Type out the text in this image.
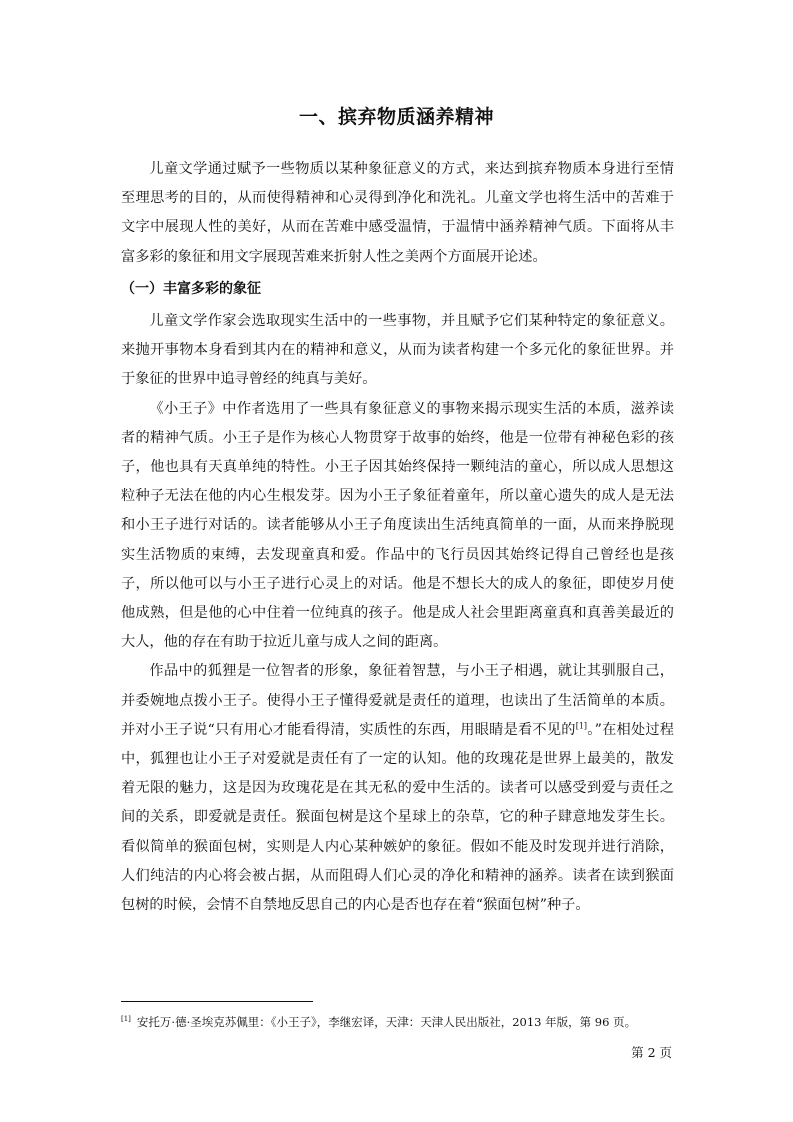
一、摈弃物质涵养精神

儿童文学通过赋予一些物质以某种象征意义的方式，来达到摈弃物质本身进行至情至理思考的目的，从而使得精神和心灵得到净化和洗礼。儿童文学也将生活中的苦难于文字中展现人性的美好，从而在苦难中感受温情，于温情中涵养精神气质。下面将从丰富多彩的象征和用文字展现苦难来折射人性之美两个方面展开论述。

（一）丰富多彩的象征

儿童文学作家会选取现实生活中的一些事物，并且赋予它们某种特定的象征意义。来抛开事物本身看到其内在的精神和意义，从而为读者构建一个多元化的象征世界。并于象征的世界中追寻曾经的纯真与美好。

《小王子》中作者选用了一些具有象征意义的事物来揭示现实生活的本质，滋养读者的精神气质。小王子是作为核心人物贯穿于故事的始终，他是一位带有神秘色彩的孩子，他也具有天真单纯的特性。小王子因其始终保持一颗纯洁的童心，所以成人思想这粒种子无法在他的内心生根发芽。因为小王子象征着童年，所以童心遗失的成人是无法和小王子进行对话的。读者能够从小王子角度读出生活纯真简单的一面，从而来挣脱现实生活物质的束缚，去发现童真和爱。作品中的飞行员因其始终记得自己曾经也是孩子，所以他可以与小王子进行心灵上的对话。他是不想长大的成人的象征，即使岁月使他成熟，但是他的心中住着一位纯真的孩子。他是成人社会里距离童真和真善美最近的大人，他的存在有助于拉近儿童与成人之间的距离。

作品中的狐狸是一位智者的形象，象征着智慧，与小王子相遇，就让其驯服自己，并委婉地点拨小王子。使得小王子懂得爱就是责任的道理，也读出了生活简单的本质。并对小王子说“只有用心才能看得清，实质性的东西，用眼睛是看不见的[1]。”在相处过程中，狐狸也让小王子对爱就是责任有了一定的认知。他的玫瑰花是世界上最美的，散发着无限的魅力，这是因为玫瑰花是在其无私的爱中生活的。读者可以感受到爱与责任之间的关系，即爱就是责任。猴面包树是这个星球上的杂草，它的种子肆意地发芽生长。看似简单的猴面包树，实则是人内心某种嫉妒的象征。假如不能及时发现并进行消除，人们纯洁的内心将会被占据，从而阻碍人们心灵的净化和精神的涵养。读者在读到猴面包树的时候，会情不自禁地反思自己的内心是否也存在着“猴面包树”种子。

[1] 安托万·德·圣埃克苏佩里：《小王子》，李继宏译，天津：天津人民出版社，2013 年版，第 96 页。
第 2 页
